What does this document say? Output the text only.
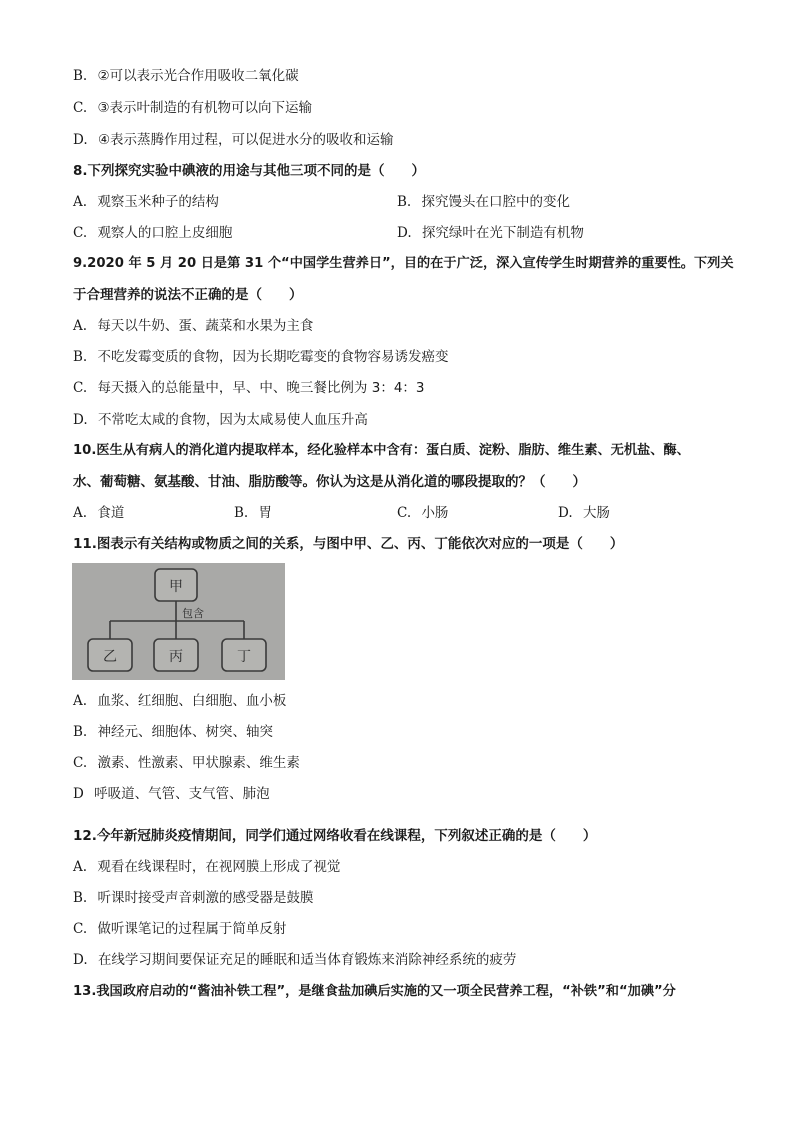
B. ②可以表示光合作用吸收二氧化碳
C. ③表示叶制造的有机物可以向下运输
D. ④表示蒸腾作用过程，可以促进水分的吸收和运输
8.下列探究实验中碘液的用途与其他三项不同的是（　　）
A. 观察玉米种子的结构	B. 探究馒头在口腔中的变化
C. 观察人的口腔上皮细胞	D. 探究绿叶在光下制造有机物
9.2020 年 5 月 20 日是第 31 个“中国学生营养日”，目的在于广泛，深入宣传学生时期营养的重要性。下列关
于合理营养的说法不正确的是（　　）
A. 每天以牛奶、蛋、蔬菜和水果为主食
B. 不吃发霉变质的食物，因为长期吃霉变的食物容易诱发癌变
C. 每天摄入的总能量中，早、中、晚三餐比例为 3：4：3
D. 不常吃太咸的食物，因为太咸易使人血压升高
10.医生从有病人的消化道内提取样本，经化验样本中含有：蛋白质、淀粉、脂肪、维生素、无机盐、酶、
水、葡萄糖、氨基酸、甘油、脂肪酸等。你认为这是从消化道的哪段提取的？（　　）
A. 食道	B. 胃	C. 小肠	D. 大肠
11.图表示有关结构或物质之间的关系，与图中甲、乙、丙、丁能依次对应的一项是（　　）
甲
包含
乙	丙	丁
A. 血浆、红细胞、白细胞、血小板
B. 神经元、细胞体、树突、轴突
C. 激素、性激素、甲状腺素、维生素
D 呼吸道、气管、支气管、肺泡
12.今年新冠肺炎疫情期间，同学们通过网络收看在线课程，下列叙述正确的是（　　）
A. 观看在线课程时，在视网膜上形成了视觉
B. 听课时接受声音刺激的感受器是鼓膜
C. 做听课笔记的过程属于简单反射
D. 在线学习期间要保证充足的睡眠和适当体育锻炼来消除神经系统的疲劳
13.我国政府启动的“酱油补铁工程”，是继食盐加碘后实施的又一项全民营养工程，“补铁”和“加碘”分
